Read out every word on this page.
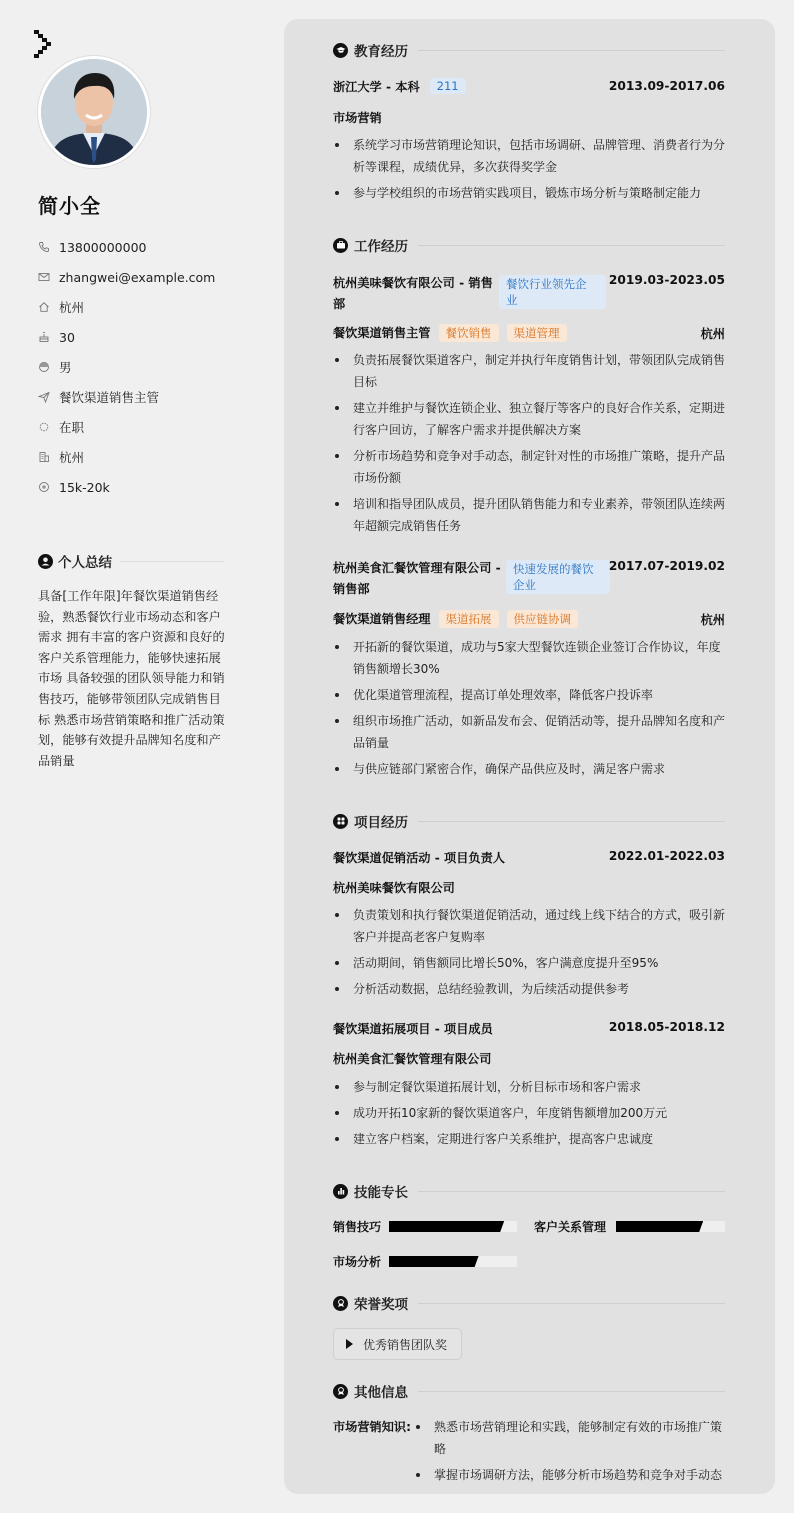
简小全
13800000000
zhangwei@example.com
杭州
30
男
餐饮渠道销售主管
在职
杭州
15k-20k
个人总结
具备[工作年限]年餐饮渠道销售经验，熟悉餐饮行业市场动态和客户需求 拥有丰富的客户资源和良好的客户关系管理能力，能够快速拓展市场 具备较强的团队领导能力和销售技巧，能够带领团队完成销售目标 熟悉市场营销策略和推广活动策划，能够有效提升品牌知名度和产品销量
教育经历
浙江大学 - 本科	211	2013.09-2017.06
市场营销
系统学习市场营销理论知识，包括市场调研、品牌管理、消费者行为分析等课程，成绩优异，多次获得奖学金
参与学校组织的市场营销实践项目，锻炼市场分析与策略制定能力
工作经历
杭州美味餐饮有限公司 - 销售
部
餐饮行业领先企
业
2019.03-2023.05
餐饮渠道销售主管	餐饮销售	渠道管理	杭州
负责拓展餐饮渠道客户，制定并执行年度销售计划，带领团队完成销售目标
建立并维护与餐饮连锁企业、独立餐厅等客户的良好合作关系，定期进行客户回访，了解客户需求并提供解决方案
分析市场趋势和竞争对手动态，制定针对性的市场推广策略，提升产品市场份额
培训和指导团队成员，提升团队销售能力和专业素养，带领团队连续两年超额完成销售任务
杭州美食汇餐饮管理有限公司 -
销售部
快速发展的餐饮
企业
2017.07-2019.02
餐饮渠道销售经理	渠道拓展	供应链协调	杭州
开拓新的餐饮渠道，成功与5家大型餐饮连锁企业签订合作协议，年度销售额增长30%
优化渠道管理流程，提高订单处理效率，降低客户投诉率
组织市场推广活动，如新品发布会、促销活动等，提升品牌知名度和产品销量
与供应链部门紧密合作，确保产品供应及时，满足客户需求
项目经历
餐饮渠道促销活动 - 项目负责人	2022.01-2022.03
杭州美味餐饮有限公司
负责策划和执行餐饮渠道促销活动，通过线上线下结合的方式，吸引新客户并提高老客户复购率
活动期间，销售额同比增长50%，客户满意度提升至95%
分析活动数据，总结经验教训，为后续活动提供参考
餐饮渠道拓展项目 - 项目成员	2018.05-2018.12
杭州美食汇餐饮管理有限公司
参与制定餐饮渠道拓展计划，分析目标市场和客户需求
成功开拓10家新的餐饮渠道客户，年度销售额增加200万元
建立客户档案，定期进行客户关系维护，提高客户忠诚度
技能专长
销售技巧	客户关系管理
市场分析
荣誉奖项
优秀销售团队奖
其他信息
市场营销知识:	熟悉市场营销理论和实践，能够制定有效的市场推广策略
掌握市场调研方法，能够分析市场趋势和竞争对手动态
